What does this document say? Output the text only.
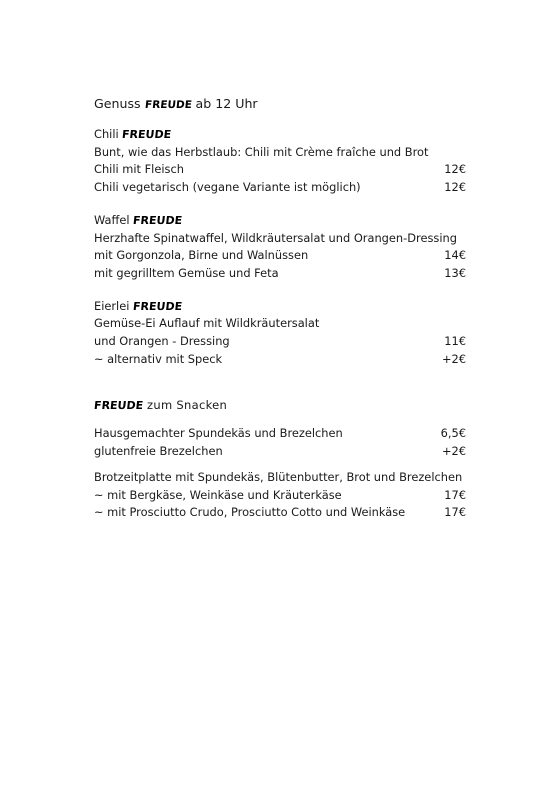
Genuss FREUDE ab 12 Uhr
Chili FREUDE
Bunt, wie das Herbstlaub: Chili mit Crème fraîche und Brot
Chili mit Fleisch	12€
Chili vegetarisch (vegane Variante ist möglich)	12€
Waffel FREUDE
Herzhafte Spinatwaffel, Wildkräutersalat und Orangen-Dressing
mit Gorgonzola, Birne und Walnüssen	14€
mit gegrilltem Gemüse und Feta	13€
Eierlei FREUDE
Gemüse-Ei Auflauf mit Wildkräutersalat
und Orangen - Dressing	11€
~ alternativ mit Speck	+2€
FREUDE zum Snacken
Hausgemachter Spundekäs und Brezelchen	6,5€
glutenfreie Brezelchen	+2€
Brotzeitplatte mit Spundekäs, Blütenbutter, Brot und Brezelchen
~ mit Bergkäse, Weinkäse und Kräuterkäse	17€
~ mit Prosciutto Crudo, Prosciutto Cotto und Weinkäse	17€
